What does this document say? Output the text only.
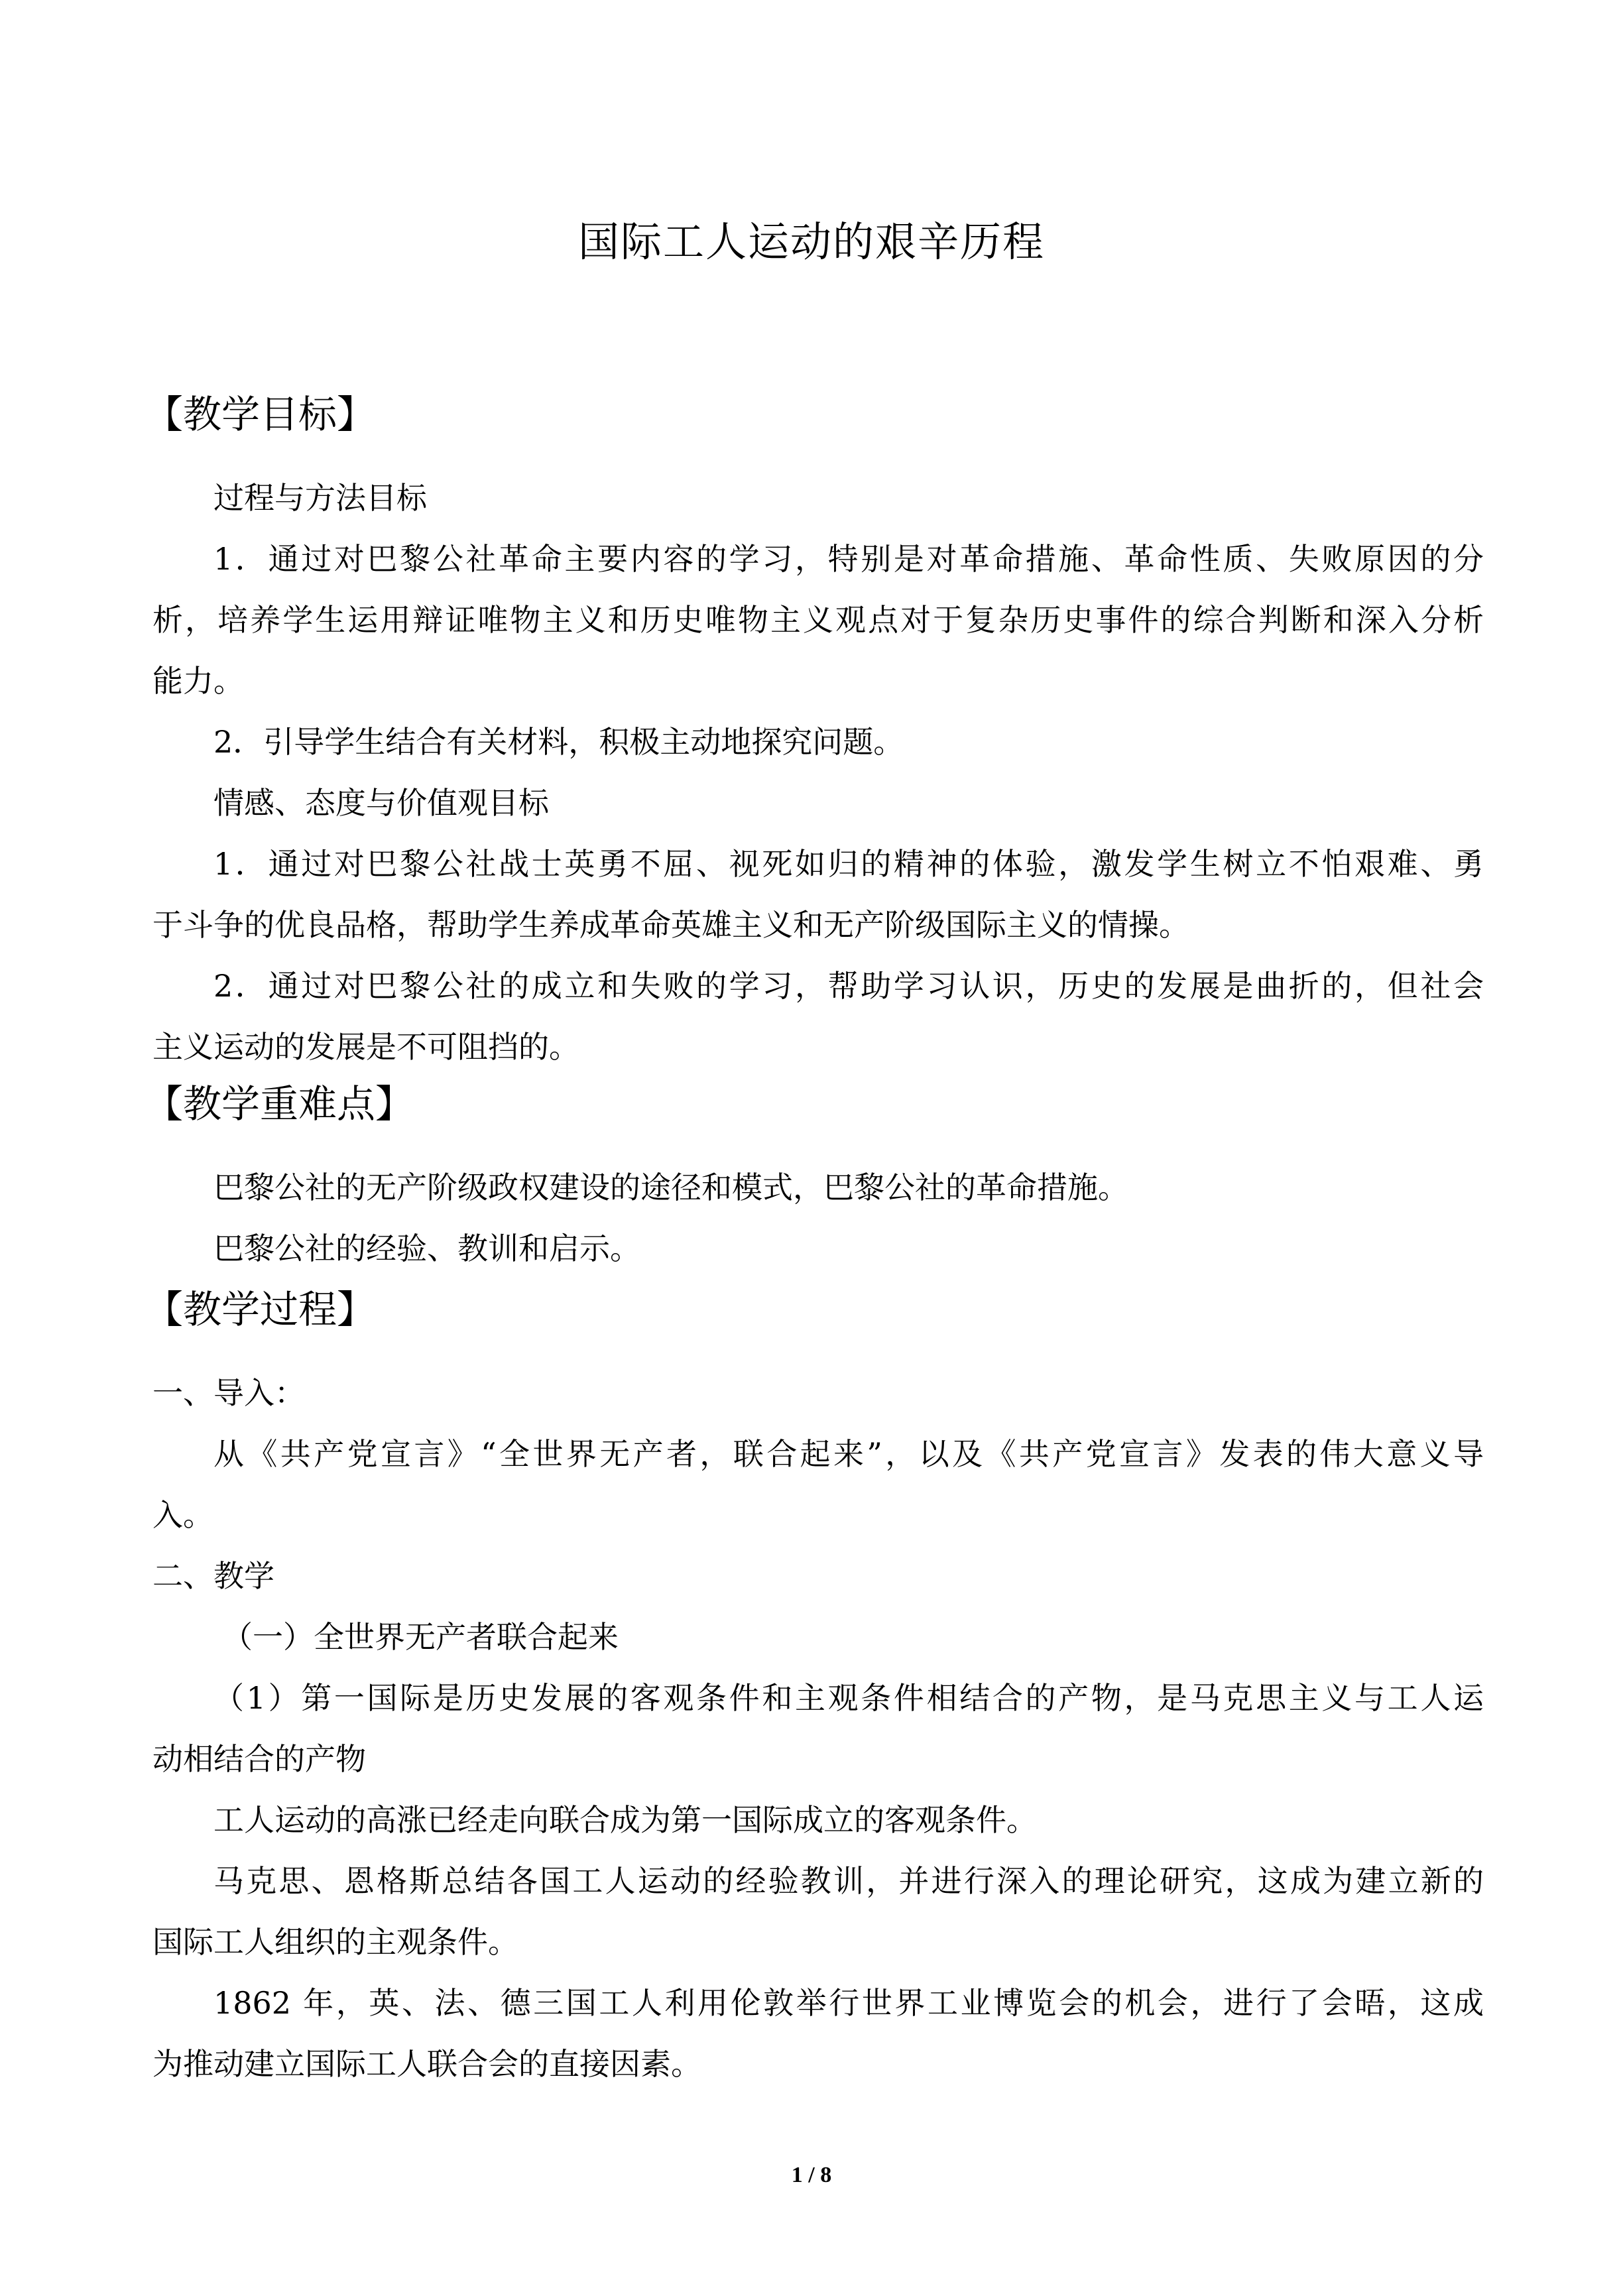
国际工人运动的艰辛历程
【教学目标】
过程与方法目标
1．通过对巴黎公社革命主要内容的学习，特别是对革命措施、革命性质、失败原因的分
析，培养学生运用辩证唯物主义和历史唯物主义观点对于复杂历史事件的综合判断和深入分析
能力。
2．引导学生结合有关材料，积极主动地探究问题。
情感、态度与价值观目标
1．通过对巴黎公社战士英勇不屈、视死如归的精神的体验，激发学生树立不怕艰难、勇
于斗争的优良品格，帮助学生养成革命英雄主义和无产阶级国际主义的情操。
2．通过对巴黎公社的成立和失败的学习，帮助学习认识，历史的发展是曲折的，但社会
主义运动的发展是不可阻挡的。
【教学重难点】
巴黎公社的无产阶级政权建设的途径和模式，巴黎公社的革命措施。
巴黎公社的经验、教训和启示。
【教学过程】
一、导入：
从《共产党宣言》“全世界无产者，联合起来”，以及《共产党宣言》发表的伟大意义导
入。
二、教学
（一）全世界无产者联合起来
（1）第一国际是历史发展的客观条件和主观条件相结合的产物，是马克思主义与工人运
动相结合的产物
工人运动的高涨已经走向联合成为第一国际成立的客观条件。
马克思、恩格斯总结各国工人运动的经验教训，并进行深入的理论研究，这成为建立新的
国际工人组织的主观条件。
1862 年，英、法、德三国工人利用伦敦举行世界工业博览会的机会，进行了会晤，这成
为推动建立国际工人联合会的直接因素。
1 / 8
